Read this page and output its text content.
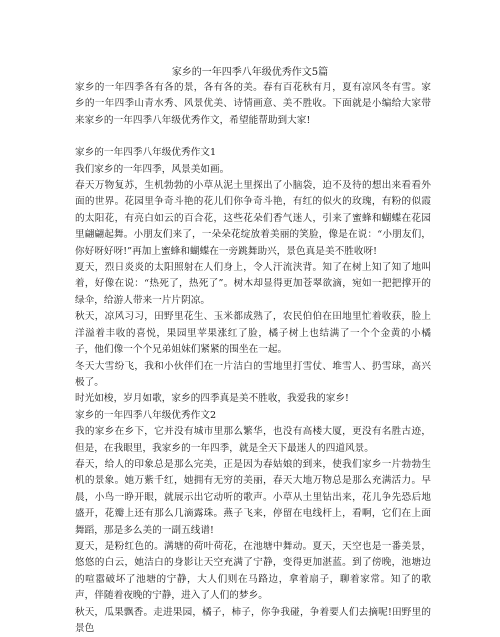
家乡的一年四季八年级优秀作文5篇

家乡的一年四季各有各的景，各有各的美。春有百花秋有月，夏有凉风冬有雪。家乡的一年四季山青水秀、风景优美、诗情画意、美不胜收。下面就是小编给大家带来家乡的一年四季八年级优秀作文，希望能帮助到大家!

家乡的一年四季八年级优秀作文1

我们家乡的一年四季，风景美如画。

春天万物复苏，生机勃勃的小草从泥土里探出了小脑袋，迫不及待的想出来看看外面的世界。花园里争奇斗艳的花儿们你争奇斗艳，有红的似火的玫瑰，有粉的似霞的太阳花，有亮白如云的百合花，这些花朵们香气迷人，引来了蜜蜂和蝴蝶在花园里翩翩起舞。小朋友们来了，一朵朵花绽放着美丽的笑脸，像是在说：“小朋友们，你好呀好呀!”再加上蜜蜂和蝴蝶在一旁跳舞助兴，景色真是美不胜收呀!

夏天，烈日炎炎的太阳照射在人们身上，令人汗流浃背。知了在树上知了知了地叫着，好像在说：“热死了，热死了”。树木却显得更加苍翠欲滴，宛如一把把撑开的绿伞，给游人带来一片片阴凉。

秋天，凉风习习，田野里花生、玉米都成熟了，农民伯伯在田地里忙着收获，脸上洋溢着丰收的喜悦，果园里苹果涨红了脸，橘子树上也结满了一个个金黄的小橘子，他们像一个个兄弟姐妹们紧紧的围坐在一起。

冬天大雪纷飞，我和小伙伴们在一片洁白的雪地里打雪仗、堆雪人、扔雪球，高兴极了。

时光如梭，岁月如歌，家乡的四季真是美不胜收，我爱我的家乡!

家乡的一年四季八年级优秀作文2

我的家乡在乡下，它并没有城市里那么繁华，也没有高楼大厦，更没有名胜古迹，但是，在我眼里，我家乡的一年四季，就是全天下最迷人的四道风景。

春天，给人的印象总是那么完美，正是因为春姑娘的到来，使我们家乡一片勃勃生机的景象。她万紫千红，她拥有无穷的美丽，春天大地万物总是那么充满活力。早晨，小鸟一睁开眼，就展示出它动听的歌声。小草从土里钻出来，花儿争先恐后地盛开，花瓣上还有那么几滴露珠。燕子飞来，停留在电线杆上，看啊，它们在上面舞蹈，那是多么美的一副五线谱!

夏天，是粉红色的。满塘的荷叶荷花，在池塘中舞动。夏天，天空也是一番美景，悠悠的白云，她洁白的身影让天空充满了宁静，变得更加湛蓝。到了傍晚，池塘边的喧嚣破坏了池塘的宁静，大人们则在马路边，拿着扇子，聊着家常。知了的歌声，伴随着夜晚的宁静，进入了人们的梦乡。

秋天，瓜果飘香。走进果园，橘子，柿子，你争我碰，争着要人们去摘呢!田野里的景色
